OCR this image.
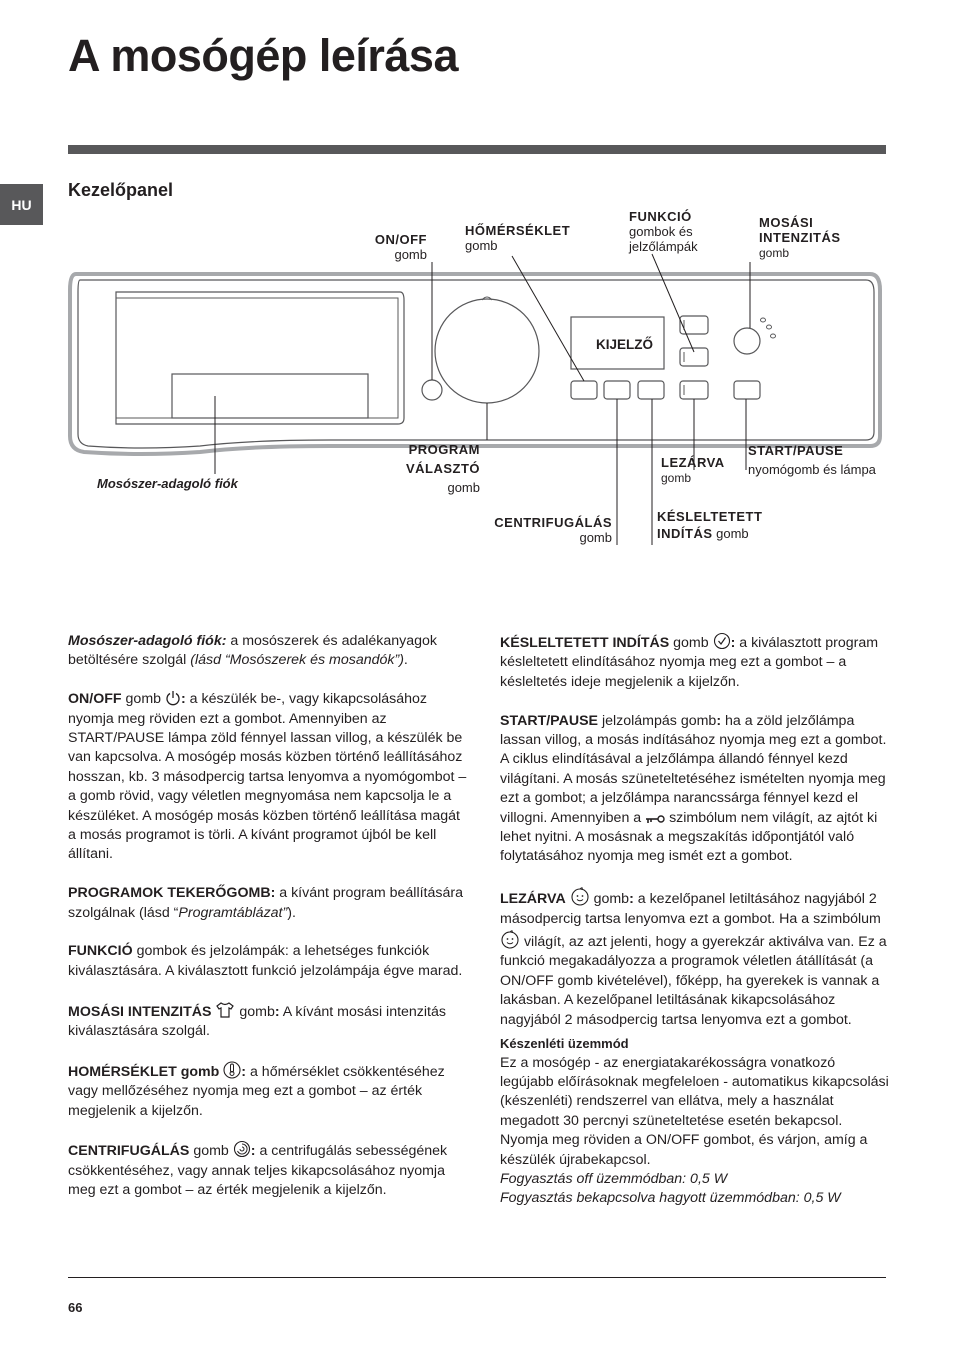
A mosógép leírása
HU
Kezelőpanel
KIJELZŐ
ON/OFF
gomb
HŐMÉRSÉKLET
gomb
FUNKCIÓ
gombok és
jelzőlámpák
MOSÁSI
INTENZITÁS
gomb
PROGRAM
VÁLASZTÓ
gomb
LEZÁRVA
gomb
START/PAUSE
nyomógomb és lámpa
CENTRIFUGÁLÁS
gomb
KÉSLELTETETT
INDÍTÁS gomb
Mosószer-adagoló fiók

Mosószer-adagoló fiók: a mosószerek és adalékanyagok betöltésére szolgál (lásd “Mosószerek és mosandók”).

ON/OFF gomb : a készülék be-, vagy kikapcsolásához nyomja meg röviden ezt a gombot. Amennyiben az START/PAUSE lámpa zöld fénnyel lassan villog, a készülék be van kapcsolva. A mosógép mosás közben történő leállításához hosszan, kb. 3 másodpercig tartsa lenyomva a nyomógombot – a gomb rövid, vagy véletlen megnyomása nem kapcsolja le a készüléket. A mosógép mosás közben történő leállítása magát a mosás programot is törli. A kívánt programot újból be kell állítani.

PROGRAMOK TEKERŐGOMB: a kívánt program beállítására szolgálnak (lásd “Programtáblázat”).

FUNKCIÓ gombok és jelzolámpák: a lehetséges funkciók kiválasztására. A kiválasztott funkció jelzolámpája égve marad.

MOSÁSI INTENZITÁS  gomb: A kívánt mosási intenzitás kiválasztására szolgál.

HOMÉRSÉKLET gomb : a hőmérséklet csökkentéséhez vagy mellőzéséhez nyomja meg ezt a gombot – az érték megjelenik a kijelzőn.

CENTRIFUGÁLÁS gomb : a centrifugálás sebességének csökkentéséhez, vagy annak teljes kikapcsolásához nyomja meg ezt a gombot – az érték megjelenik a kijelzőn.

KÉSLELTETETT INDÍTÁS gomb : a kiválasztott program késleltetett elindításához nyomja meg ezt a gombot – a késleltetés ideje megjelenik a kijelzőn.

START/PAUSE jelzolámpás gomb: ha a zöld jelzőlámpa lassan villog, a mosás indításához nyomja meg ezt a gombot. A ciklus elindításával a jelzőlámpa állandó fénnyel kezd világítani. A mosás szüneteltetéséhez ismételten nyomja meg ezt a gombot; a jelzőlámpa narancssárga fénnyel kezd el villogni. Amennyiben a  szimbólum nem világít, az ajtót ki lehet nyitni. A mosásnak a megszakítás időpontjától való folytatásához nyomja meg ismét ezt a gombot.

LEZÁRVA  gomb: a kezelőpanel letiltásához nagyjából 2 másodpercig tartsa lenyomva ezt a gombot. Ha a szimbólum  világít, az azt jelenti, hogy a gyerekzár aktiválva van. Ez a funkció megakadályozza a programok véletlen átállítását (a ON/OFF gomb kivételével), főképp, ha gyerekek is vannak a lakásban. A kezelőpanel letiltásának kikapcsolásához nagyjából 2 másodpercig tartsa lenyomva ezt a gombot.

Készenléti üzemmód

Ez a mosógép - az energiatakarékosságra vonatkozó legújabb előírásoknak megfeleloen - automatikus kikapcsolási (készenléti) rendszerrel van ellátva, mely a használat megadott 30 percnyi szüneteltetése esetén bekapcsol. Nyomja meg röviden a ON/OFF gombot, és várjon, amíg a készülék újrabekapcsol.

Fogyasztás off üzemmódban: 0,5 W

Fogyasztás bekapcsolva hagyott üzemmódban: 0,5 W

66
